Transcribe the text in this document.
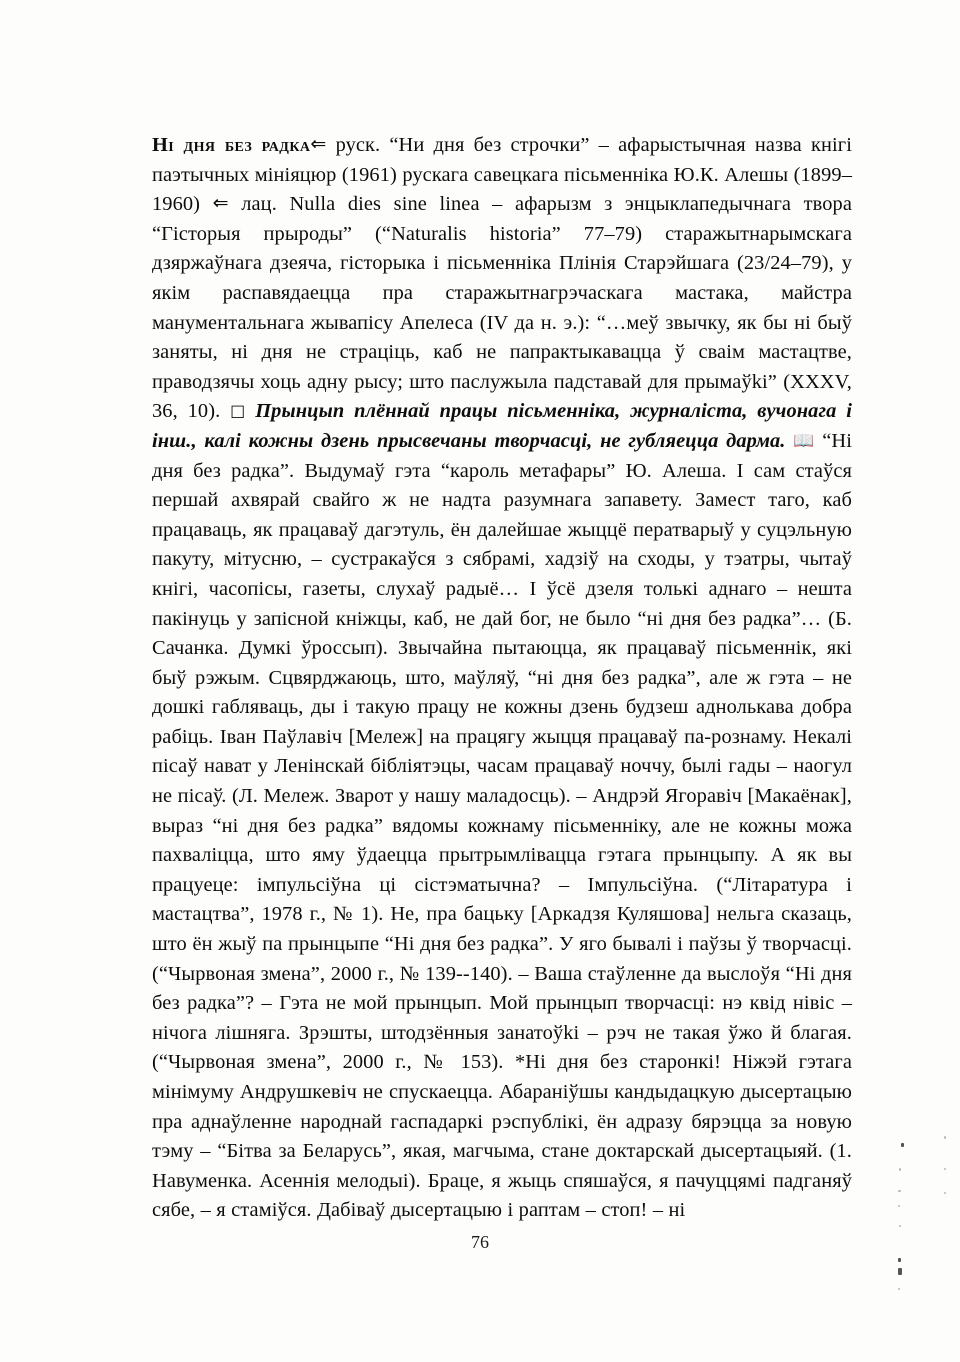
Ні дня без радка⇐ руск. “Ни дня без строчки” – афарыстычная назва кнігі паэтычных мініяцюр (1961) рускага савецкага пісьменніка Ю.К. Алешы (1899–1960) ⇐ лац. Nulla dies sine linea – афарызм з энцыклапедычнага твора “Гісторыя прыроды” (“Naturalis historia” 77–79) старажытнарымскага дзяржаўнага дзеяча, гісторыка і пісьменніка Плінія Старэйшага (23/24–79), у якім распавядаецца пра старажытнагрэчаскага мастака, майстра манументальнага жывапісу Апелеса (IV да н. э.): “…меў звычку, як бы ні быў заняты, ні дня не страціць, каб не папрактыкавацца ў сваім мастацтве, праводзячы хоць адну рысу; што паслужыла падставай для прымаўkі” (XXXV, 36, 10). □ Прынцып плённай працы пісьменніка, журналіста, вучонага і інш., калі кожны дзень прысвечаны творчасці, не губляецца дарма. 📖 “Ні дня без радка”. Выдумаў гэта “кароль метафары” Ю. Алеша. І сам стаўся першай ахвярай свайго ж не надта разумнага запавету. Замест таго, каб працаваць, як працаваў дагэтуль, ён далейшае жыццё ператварыў у суцэльную пакуту, мітусню, – сустракаўся з сябрамі, хадзіў на сходы, у тэатры, чытаў кнігі, часопісы, газеты, слухаў радыё… І ўсё дзеля толькі аднаго – нешта пакінуць у запісной кніжцы, каб, не дай бог, не было “ні дня без радка”… (Б. Сачанка. Думкі ўроссып). Звычайна пытаюцца, як працаваў пісьменнік, які быў рэжым. Сцвярджаюць, што, маўляў, “ні дня без радка”, але ж гэта – не дошкі габляваць, ды і такую працу не кожны дзень будзеш аднолькава добра рабіць. Іван Паўлавіч [Мележ] на працягу жыцця працаваў па-рознаму. Некалі пісаў нават у Ленінскай бібліятэцы, часам працаваў ноччу, былі гады – наогул не пісаў. (Л. Мележ. Зварот у нашу маладосць). – Андрэй Ягоравіч [Макаёнак], выраз “ні дня без радка” вядомы кожнаму пісьменніку, але не кожны можа пахваліцца, што яму ўдаецца прытрымлівацца гэтага прынцыпу. А як вы працуеце: імпульсіўна ці сістэматычна? – Імпульсіўна. (“Літаратура і мастацтва”, 1978 г., № 1). Не, пра бацьку [Аркадзя Куляшова] нельга сказаць, што ён жыў па прынцыпе “Ні дня без радка”. У яго бывалі і паўзы ў творчасці. (“Чырвоная змена”, 2000 г., № 139--140). – Ваша стаўленне да выслоўя “Ні дня без радка”? – Гэта не мой прынцып. Мой прынцып творчасці: нэ квід нівіс – нічога лішняга. Зрэшты, штодзённыя занатоўkі – рэч не такая ўжо й благая. (“Чырвоная змена”, 2000 г., № 153). *Ні дня без старонкі! Ніжэй гэтага мінімуму Андрушкевіч не спускаецца. Абараніўшы кандыдацкую дысертацыю пра аднаўленне народнай гаспадаркі рэспублікі, ён адразу бярэцца за новую тэму – “Бітва за Беларусь”, якая, магчыма, стане доктарскай дысертацыяй. (1. Навуменка. Асеннія мелодыі). Браце, я жыць спяшаўся, я пачуццямі падганяў сябе, – я стаміўся. Дабіваў дысертацыю і раптам – стоп! – ні

76
